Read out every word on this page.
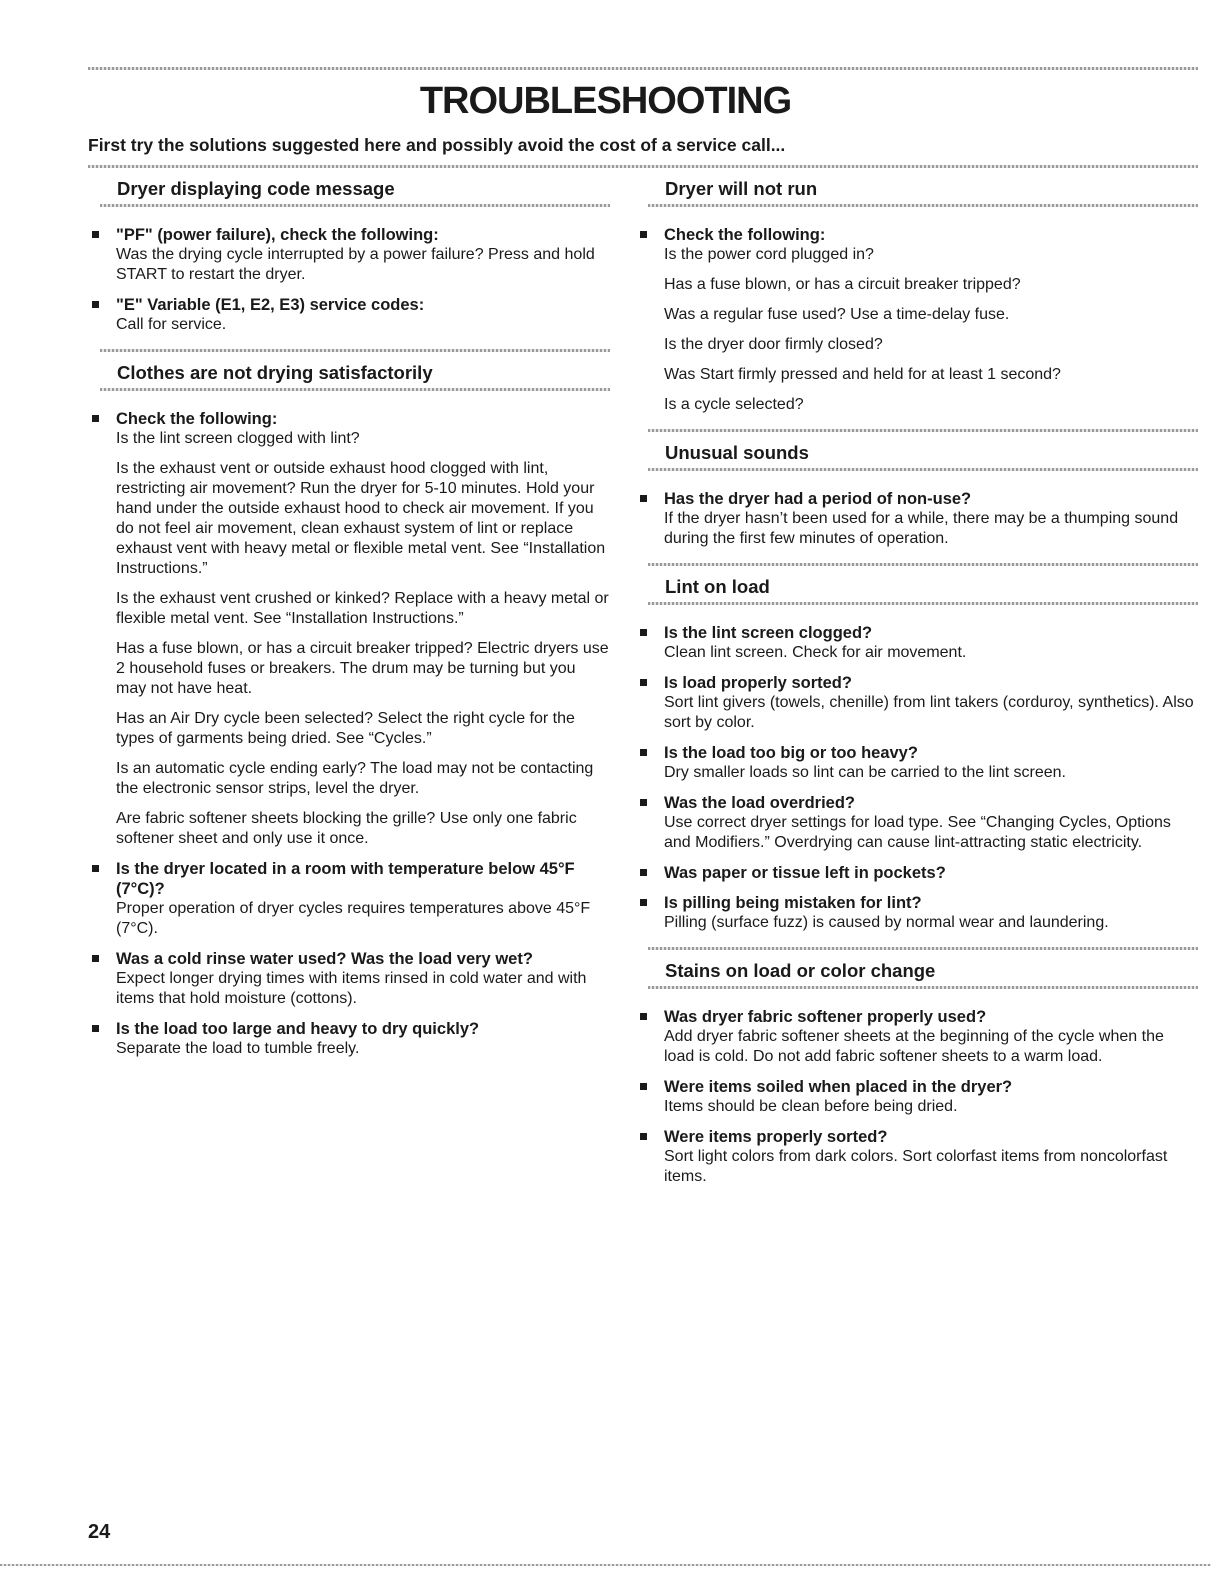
TROUBLESHOOTING
First try the solutions suggested here and possibly avoid the cost of a service call...
Dryer displaying code message
"PF" (power failure), check the following:

Was the drying cycle interrupted by a power failure? Press and hold START to restart the dryer.

"E" Variable (E1, E2, E3) service codes:

Call for service.

Clothes are not drying satisfactorily
Check the following:

Is the lint screen clogged with lint?

Is the exhaust vent or outside exhaust hood clogged with lint, restricting air movement? Run the dryer for 5-10 minutes. Hold your hand under the outside exhaust hood to check air movement. If you do not feel air movement, clean exhaust system of lint or replace exhaust vent with heavy metal or flexible metal vent. See “Installation Instructions.”

Is the exhaust vent crushed or kinked? Replace with a heavy metal or flexible metal vent. See “Installation Instructions.”

Has a fuse blown, or has a circuit breaker tripped? Electric dryers use 2 household fuses or breakers. The drum may be turning but you may not have heat.

Has an Air Dry cycle been selected? Select the right cycle for the types of garments being dried. See “Cycles.”

Is an automatic cycle ending early? The load may not be contacting the electronic sensor strips, level the dryer.

Are fabric softener sheets blocking the grille? Use only one fabric softener sheet and only use it once.

Is the dryer located in a room with temperature below 45°F (7°C)?

Proper operation of dryer cycles requires temperatures above 45°F (7°C).

Was a cold rinse water used? Was the load very wet?

Expect longer drying times with items rinsed in cold water and with items that hold moisture (cottons).

Is the load too large and heavy to dry quickly?

Separate the load to tumble freely.

Dryer will not run
Check the following:

Is the power cord plugged in?

Has a fuse blown, or has a circuit breaker tripped?

Was a regular fuse used? Use a time-delay fuse.

Is the dryer door firmly closed?

Was Start firmly pressed and held for at least 1 second?

Is a cycle selected?

Unusual sounds
Has the dryer had a period of non-use?

If the dryer hasn’t been used for a while, there may be a thumping sound during the first few minutes of operation.

Lint on load
Is the lint screen clogged?

Clean lint screen. Check for air movement.

Is load properly sorted?

Sort lint givers (towels, chenille) from lint takers (corduroy, synthetics). Also sort by color.

Is the load too big or too heavy?

Dry smaller loads so lint can be carried to the lint screen.

Was the load overdried?

Use correct dryer settings for load type. See “Changing Cycles, Options and Modifiers.” Overdrying can cause lint-attracting static electricity.

Was paper or tissue left in pockets?
Is pilling being mistaken for lint?

Pilling (surface fuzz) is caused by normal wear and laundering.

Stains on load or color change
Was dryer fabric softener properly used?

Add dryer fabric softener sheets at the beginning of the cycle when the load is cold. Do not add fabric softener sheets to a warm load.

Were items soiled when placed in the dryer?

Items should be clean before being dried.

Were items properly sorted?

Sort light colors from dark colors. Sort colorfast items from noncolorfast items.

24
